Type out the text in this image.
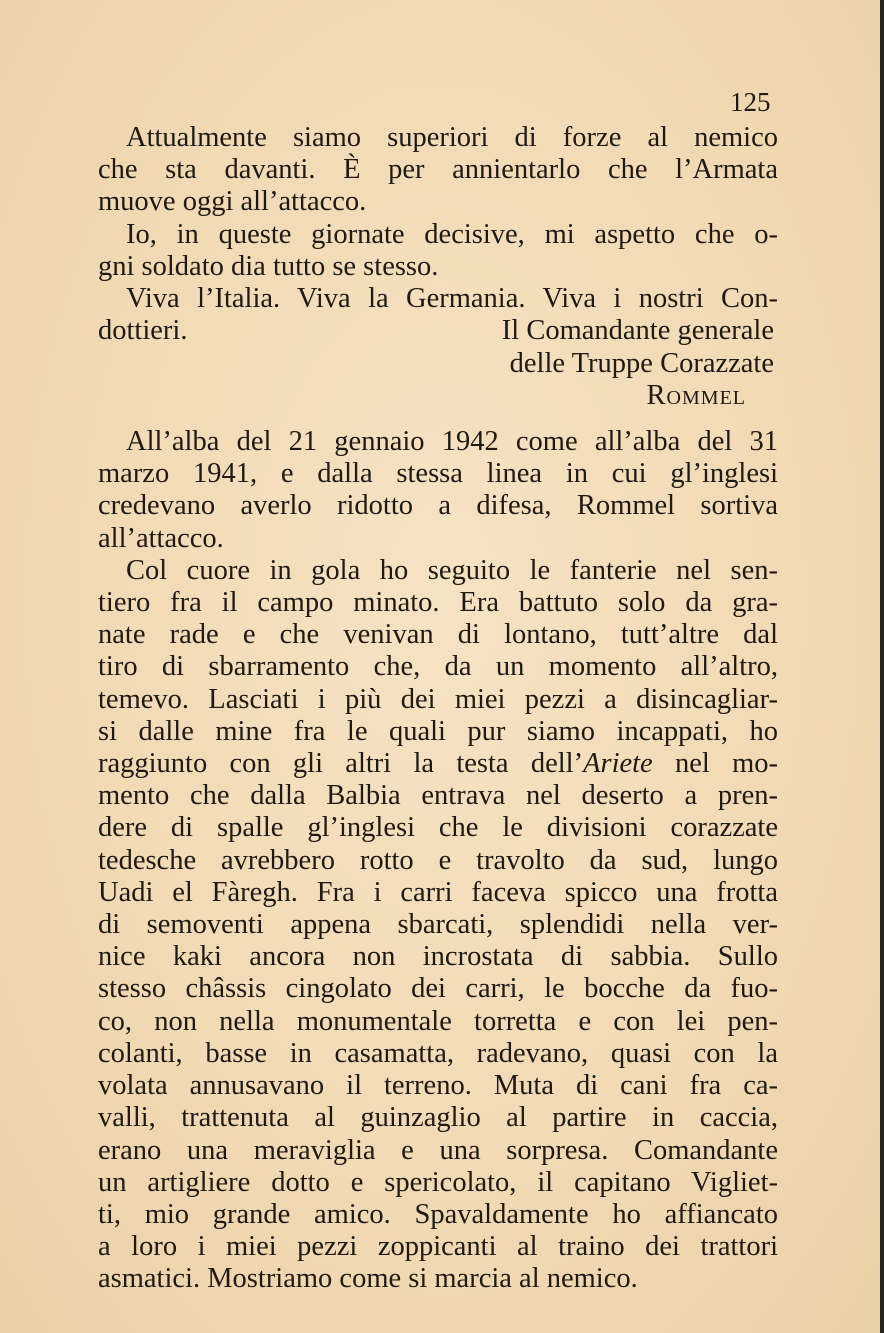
125
Attualmente siamo superiori di forze al nemico
che sta davanti. È per annientarlo che l’Armata
muove oggi all’attacco.
Io, in queste giornate decisive, mi aspetto che o-
gni soldato dia tutto se stesso.
Viva l’Italia. Viva la Germania. Viva i nostri Con-
dottieri.	Il Comandante generale
delle Truppe Corazzate
Rommel
All’alba del 21 gennaio 1942 come all’alba del 31
marzo 1941, e dalla stessa linea in cui gl’inglesi
credevano averlo ridotto a difesa, Rommel sortiva
all’attacco.
Col cuore in gola ho seguito le fanterie nel sen-
tiero fra il campo minato. Era battuto solo da gra-
nate rade e che venivan di lontano, tutt’altre dal
tiro di sbarramento che, da un momento all’altro,
temevo. Lasciati i più dei miei pezzi a disincagliar-
si dalle mine fra le quali pur siamo incappati, ho
raggiunto con gli altri la testa dell’Ariete nel mo-
mento che dalla Balbia entrava nel deserto a pren-
dere di spalle gl’inglesi che le divisioni corazzate
tedesche avrebbero rotto e travolto da sud, lungo
Uadi el Fàregh. Fra i carri faceva spicco una frotta
di semoventi appena sbarcati, splendidi nella ver-
nice kaki ancora non incrostata di sabbia. Sullo
stesso châssis cingolato dei carri, le bocche da fuo-
co, non nella monumentale torretta e con lei pen-
colanti, basse in casamatta, radevano, quasi con la
volata annusavano il terreno. Muta di cani fra ca-
valli, trattenuta al guinzaglio al partire in caccia,
erano una meraviglia e una sorpresa. Comandante
un artigliere dotto e spericolato, il capitano Vigliet-
ti, mio grande amico. Spavaldamente ho affiancato
a loro i miei pezzi zoppicanti al traino dei trattori
asmatici. Mostriamo come si marcia al nemico.
